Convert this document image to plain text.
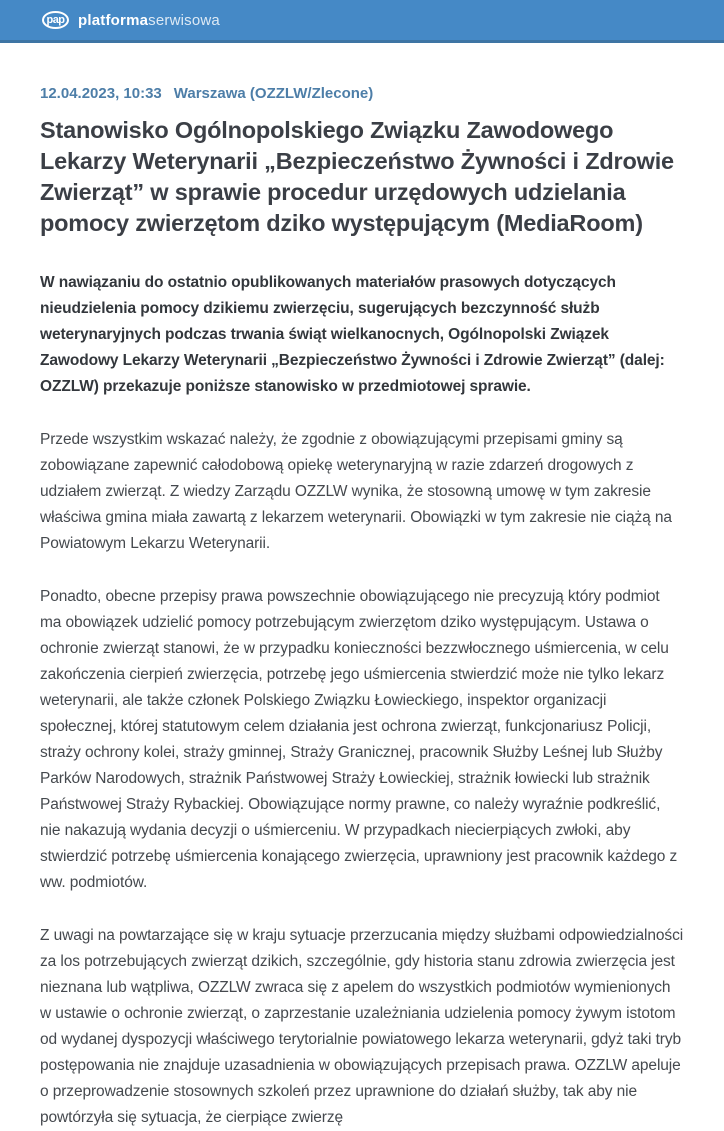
pap platformaserwisowa
12.04.2023, 10:33 Warszawa (OZZLW/Zlecone)
Stanowisko Ogólnopolskiego Związku Zawodowego Lekarzy Weterynarii „Bezpieczeństwo Żywności i Zdrowie Zwierząt” w sprawie procedur urzędowych udzielania pomocy zwierzętom dziko występującym (MediaRoom)

W nawiązaniu do ostatnio opublikowanych materiałów prasowych dotyczących nieudzielenia pomocy dzikiemu zwierzęciu, sugerujących bezczynność służb weterynaryjnych podczas trwania świąt wielkanocnych, Ogólnopolski Związek Zawodowy Lekarzy Weterynarii „Bezpieczeństwo Żywności i Zdrowie Zwierząt” (dalej: OZZLW) przekazuje poniższe stanowisko w przedmiotowej sprawie.

Przede wszystkim wskazać należy, że zgodnie z obowiązującymi przepisami gminy są zobowiązane zapewnić całodobową opiekę weterynaryjną w razie zdarzeń drogowych z udziałem zwierząt. Z wiedzy Zarządu OZZLW wynika, że stosowną umowę w tym zakresie właściwa gmina miała zawartą z lekarzem weterynarii. Obowiązki w tym zakresie nie ciążą na Powiatowym Lekarzu Weterynarii.

Ponadto, obecne przepisy prawa powszechnie obowiązującego nie precyzują który podmiot ma obowiązek udzielić pomocy potrzebującym zwierzętom dziko występującym. Ustawa o ochronie zwierząt stanowi, że w przypadku konieczności bezzwłocznego uśmiercenia, w celu zakończenia cierpień zwierzęcia, potrzebę jego uśmiercenia stwierdzić może nie tylko lekarz weterynarii, ale także członek Polskiego Związku Łowieckiego, inspektor organizacji społecznej, której statutowym celem działania jest ochrona zwierząt, funkcjonariusz Policji, straży ochrony kolei, straży gminnej, Straży Granicznej, pracownik Służby Leśnej lub Służby Parków Narodowych, strażnik Państwowej Straży Łowieckiej, strażnik łowiecki lub strażnik Państwowej Straży Rybackiej. Obowiązujące normy prawne, co należy wyraźnie podkreślić, nie nakazują wydania decyzji o uśmierceniu. W przypadkach niecierpiących zwłoki, aby stwierdzić potrzebę uśmiercenia konającego zwierzęcia, uprawniony jest pracownik każdego z ww. podmiotów.

Z uwagi na powtarzające się w kraju sytuacje przerzucania między służbami odpowiedzialności za los potrzebujących zwierząt dzikich, szczególnie, gdy historia stanu zdrowia zwierzęcia jest nieznana lub wątpliwa, OZZLW zwraca się z apelem do wszystkich podmiotów wymienionych w ustawie o ochronie zwierząt, o zaprzestanie uzależniania udzielenia pomocy żywym istotom od wydanej dyspozycji właściwego terytorialnie powiatowego lekarza weterynarii, gdyż taki tryb postępowania nie znajduje uzasadnienia w obowiązujących przepisach prawa. OZZLW apeluje o przeprowadzenie stosownych szkoleń przez uprawnione do działań służby, tak aby nie powtórzyła się sytuacja, że cierpiące zwierzę
